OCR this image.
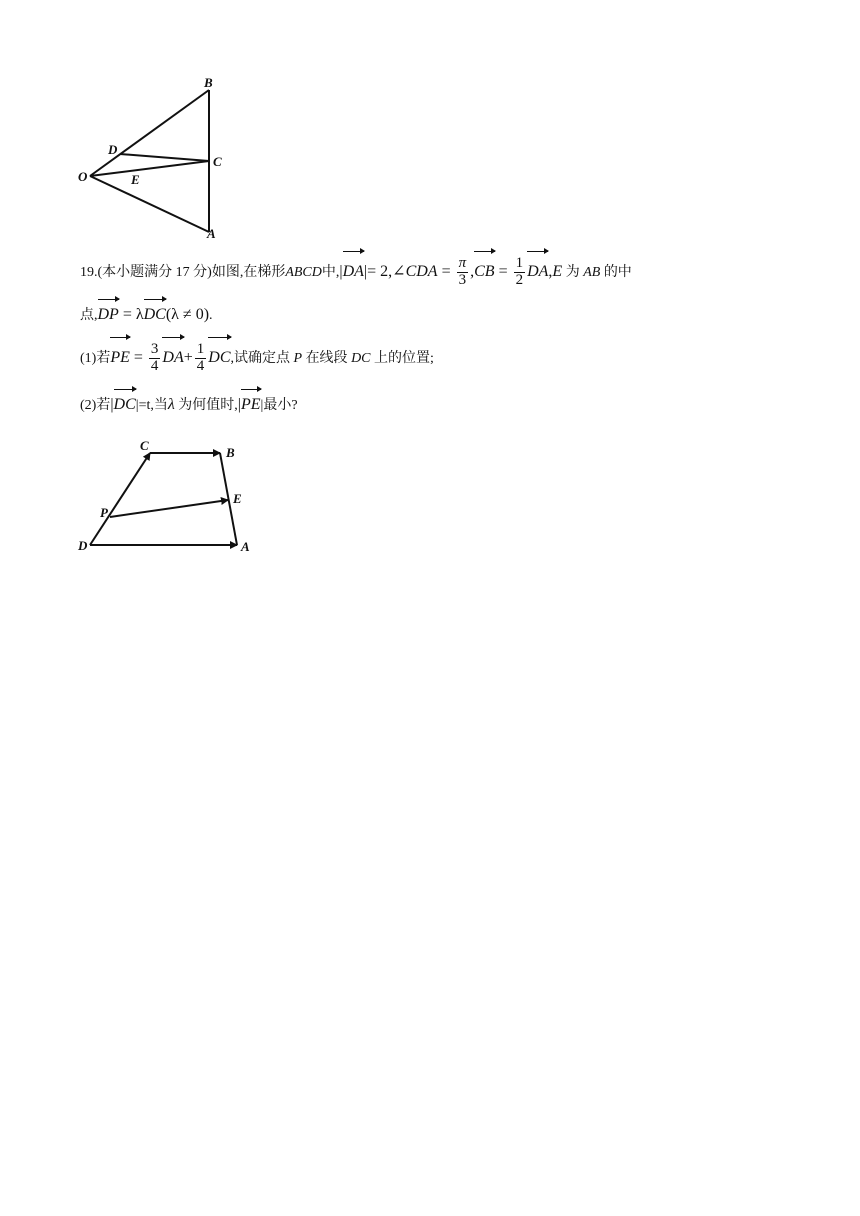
B
D
C
O	E
A
19.(本小题满分 17 分)如图,在梯形ABCD中,|DA|= 2,∠CDA = $\frac{\pi}{3} ,CB = \frac{1}{2} DA,E$ 为 AB 的中
点,DP = λDC(λ ≠ 0).
(1)若PE = $\frac{3}{4} DA+ \frac{1}{4}$ DC,试确定点 P 在线段 DC 上的位置;
(2)若|DC|=t,当λ 为何值时,|PE|最小?
C	B
E
P
D	A
